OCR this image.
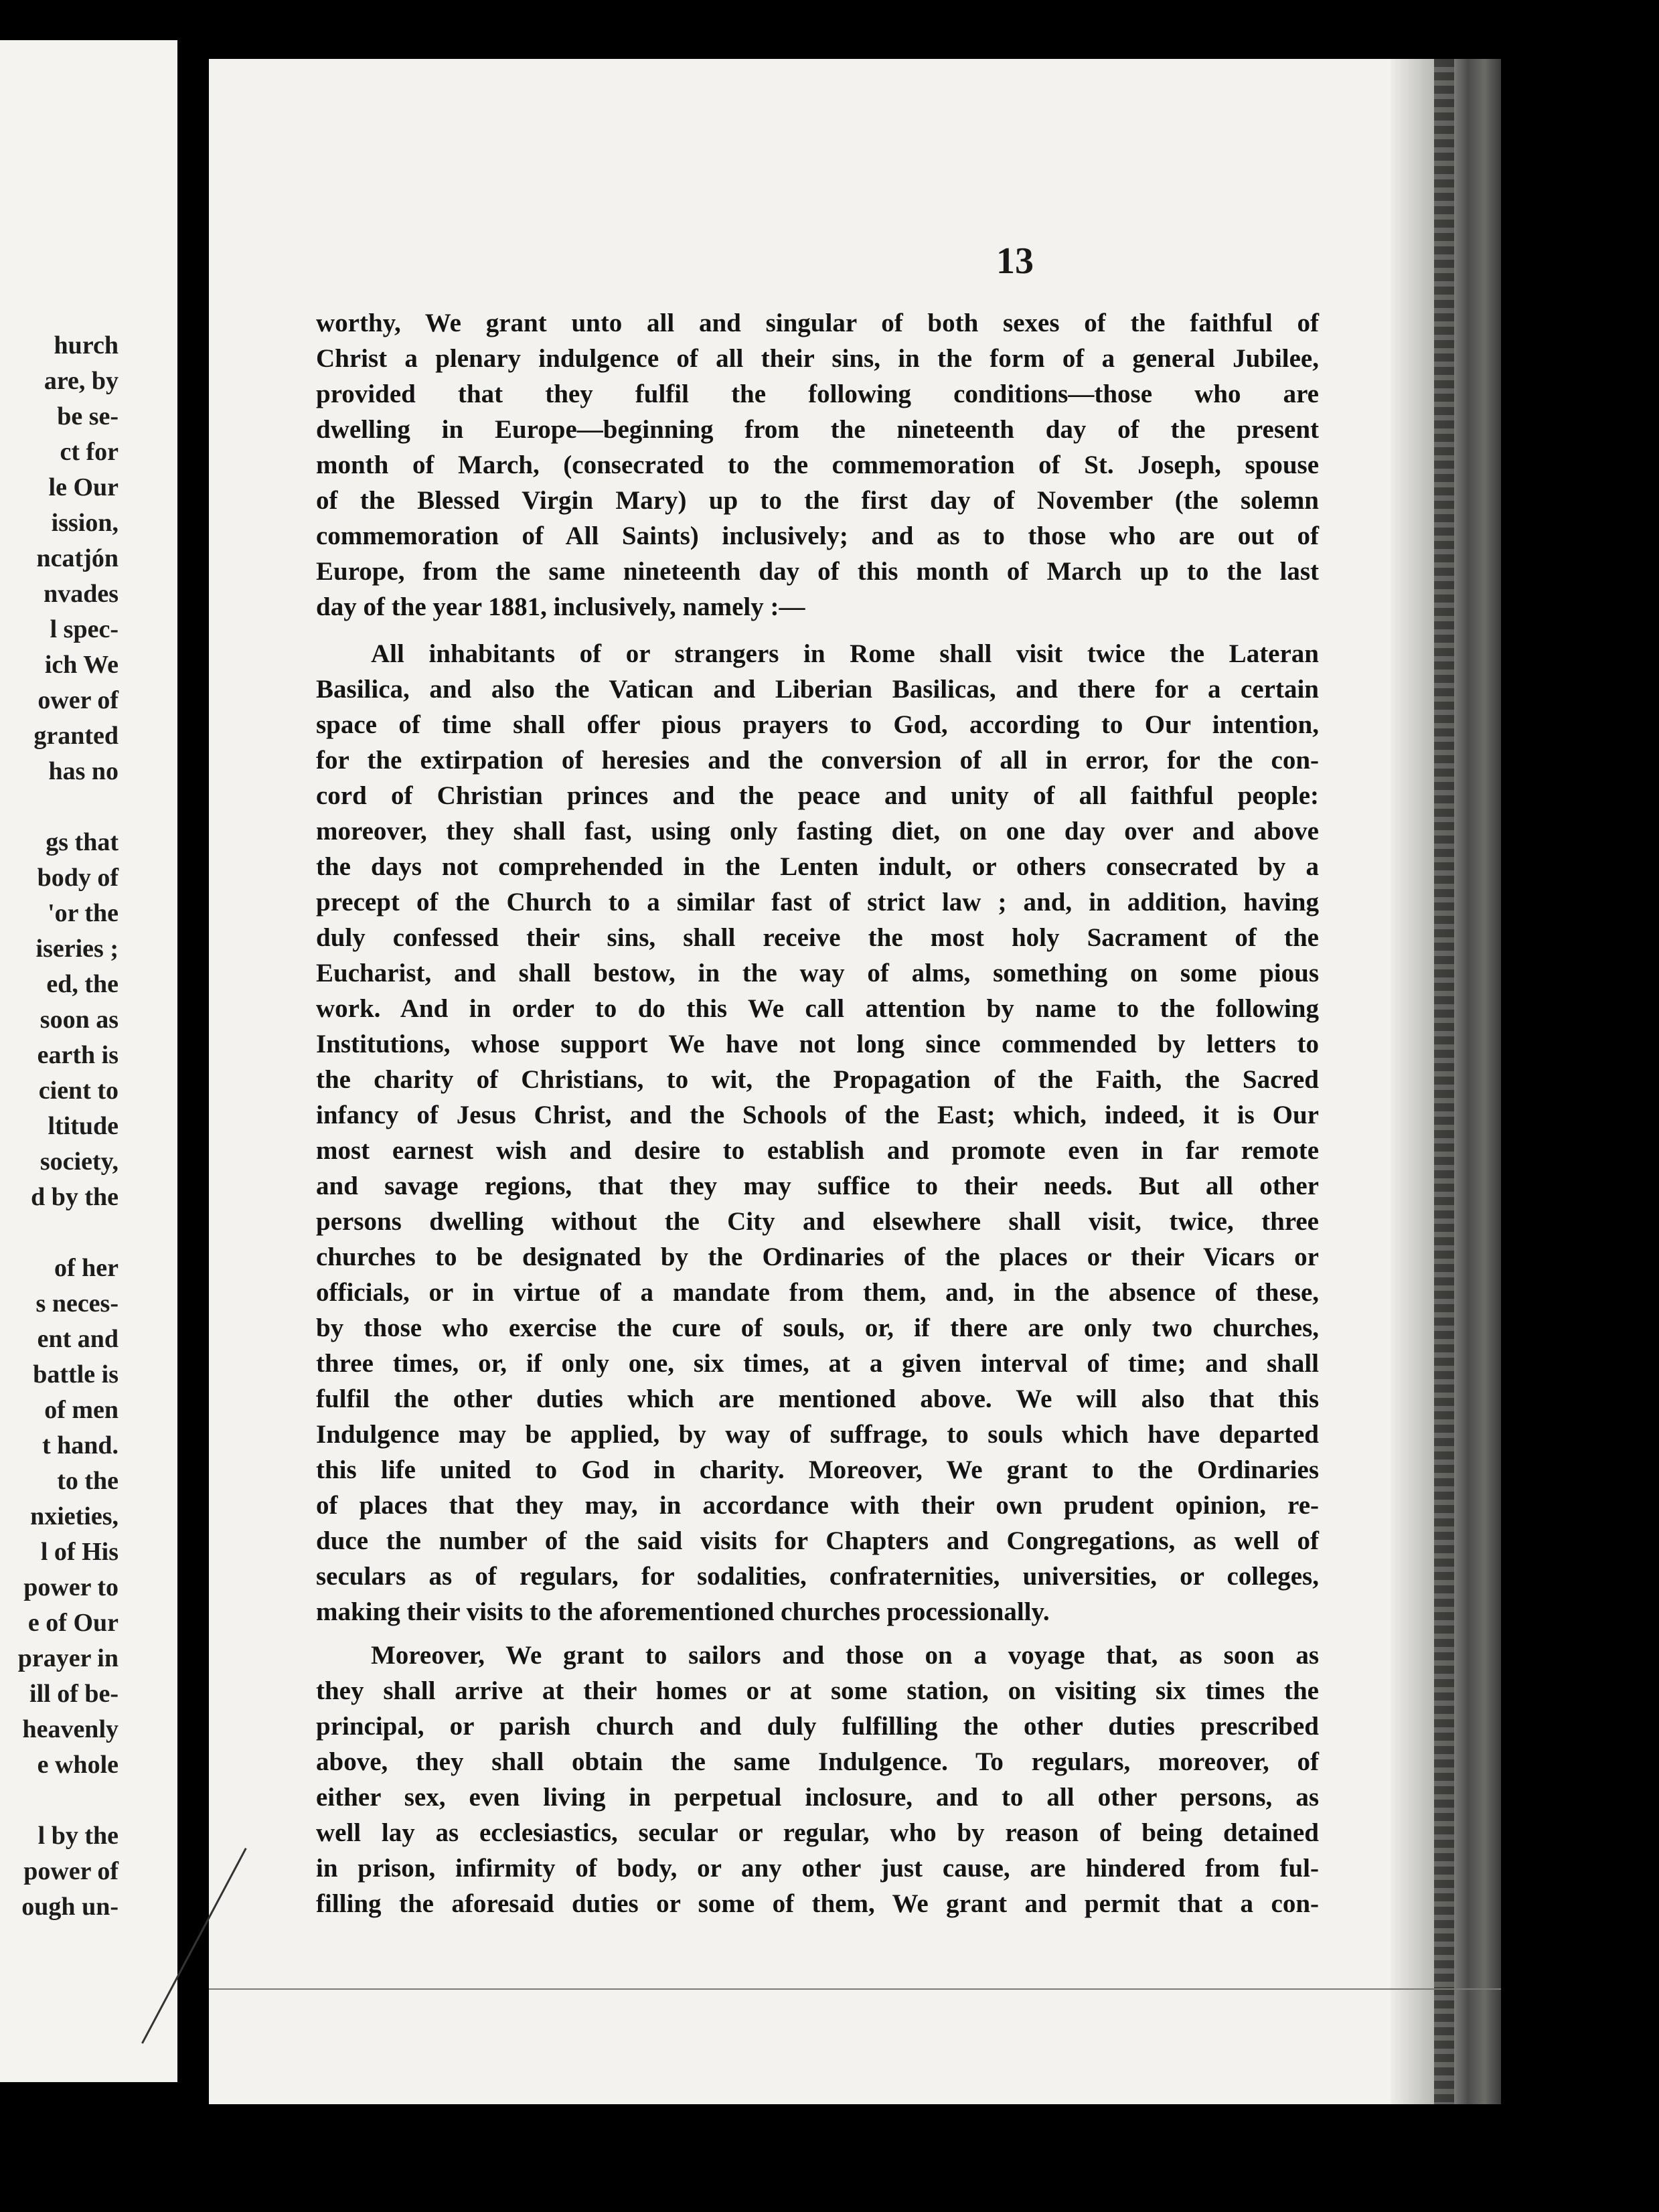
hurch
are, by
be se-
ct for
le Our
ission,
ncatjón
nvades
l spec-
ich We
ower of
granted
has no

gs that
body of
'or the
iseries ;
ed, the
soon as
earth is
cient to
ltitude
society,
d by the

of her
s neces-
ent and
battle is
of men
t hand.
to the
nxieties,
l of His
power to
e of Our
prayer in
ill of be-
heavenly
e whole

l by the
power of
ough un-
13
worthy, We grant unto all and singular of both sexes of the faithful of
Christ a plenary indulgence of all their sins, in the form of a general Jubilee,
provided that they fulfil the following conditions—those who are
dwelling in Europe—beginning from the nineteenth day of the present
month of March, (consecrated to the commemoration of St. Joseph, spouse
of the Blessed Virgin Mary) up to the first day of November (the solemn
commemoration of All Saints) inclusively; and as to those who are out of
Europe, from the same nineteenth day of this month of March up to the last
day of the year 1881, inclusively, namely :—
All inhabitants of or strangers in Rome shall visit twice the Lateran
Basilica, and also the Vatican and Liberian Basilicas, and there for a certain
space of time shall offer pious prayers to God, according to Our intention,
for the extirpation of heresies and the conversion of all in error, for the con-
cord of Christian princes and the peace and unity of all faithful people:
moreover, they shall fast, using only fasting diet, on one day over and above
the days not comprehended in the Lenten indult, or others consecrated by a
precept of the Church to a similar fast of strict law ; and, in addition, having
duly confessed their sins, shall receive the most holy Sacrament of the
Eucharist, and shall bestow, in the way of alms, something on some pious
work. And in order to do this We call attention by name to the following
Institutions, whose support We have not long since commended by letters to
the charity of Christians, to wit, the Propagation of the Faith, the Sacred
infancy of Jesus Christ, and the Schools of the East; which, indeed, it is Our
most earnest wish and desire to establish and promote even in far remote
and savage regions, that they may suffice to their needs. But all other
persons dwelling without the City and elsewhere shall visit, twice, three
churches to be designated by the Ordinaries of the places or their Vicars or
officials, or in virtue of a mandate from them, and, in the absence of these,
by those who exercise the cure of souls, or, if there are only two churches,
three times, or, if only one, six times, at a given interval of time; and shall
fulfil the other duties which are mentioned above. We will also that this
Indulgence may be applied, by way of suffrage, to souls which have departed
this life united to God in charity. Moreover, We grant to the Ordinaries
of places that they may, in accordance with their own prudent opinion, re-
duce the number of the said visits for Chapters and Congregations, as well of
seculars as of regulars, for sodalities, confraternities, universities, or colleges,
making their visits to the aforementioned churches processionally.
Moreover, We grant to sailors and those on a voyage that, as soon as
they shall arrive at their homes or at some station, on visiting six times the
principal, or parish church and duly fulfilling the other duties prescribed
above, they shall obtain the same Indulgence. To regulars, moreover, of
either sex, even living in perpetual inclosure, and to all other persons, as
well lay as ecclesiastics, secular or regular, who by reason of being detained
in prison, infirmity of body, or any other just cause, are hindered from ful-
filling the aforesaid duties or some of them, We grant and permit that a con-
